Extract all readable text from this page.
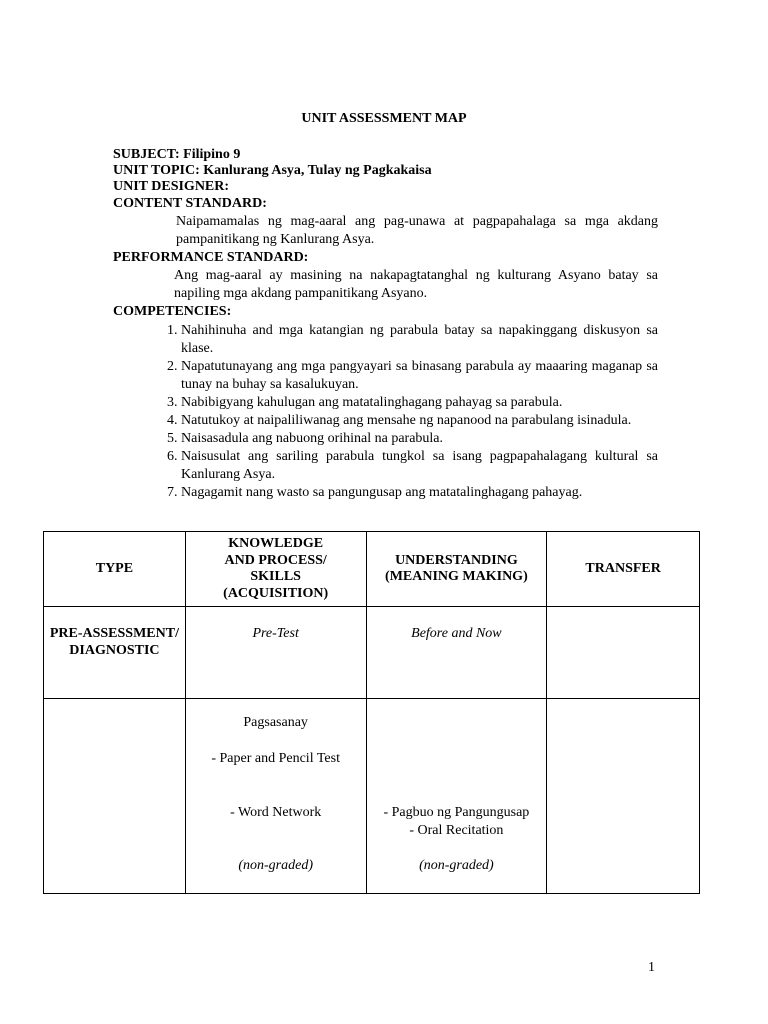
UNIT ASSESSMENT MAP
SUBJECT: Filipino 9
UNIT TOPIC: Kanlurang Asya, Tulay ng Pagkakaisa
UNIT DESIGNER:
CONTENT STANDARD:
Naipamamalas ng mag-aaral ang pag-unawa at pagpapahalaga sa mga akdang pampanitikang ng Kanlurang Asya.
PERFORMANCE STANDARD:
Ang mag-aaral ay masining na nakapagtatanghal ng kulturang Asyano batay sa napiling mga akdang pampanitikang Asyano.
COMPETENCIES:
1. Nahihinuha and mga katangian ng parabula batay sa napakinggang diskusyon sa klase.
2. Napatutunayang ang mga pangyayari sa binasang parabula ay maaaring maganap sa tunay na buhay sa kasalukuyan.
3. Nabibigyang kahulugan ang matatalinghagang pahayag sa parabula.
4. Natutukoy at naipaliliwanag ang mensahe ng napanood na parabulang isinadula.
5. Naisasadula ang nabuong orihinal na parabula.
6. Naisusulat ang sariling parabula tungkol sa isang pagpapahalagang kultural sa Kanlurang Asya.
7. Nagagamit nang wasto sa pangungusap ang matatalinghagang pahayag.
TYPE	KNOWLEDGE
AND PROCESS/
SKILLS
(ACQUISITION)	UNDERSTANDING
(MEANING MAKING)	TRANSFER
PRE-ASSESSMENT/
DIAGNOSTIC	Pre-Test	Before and Now	

	Pagsasanay
- Paper and Pencil Test
- Word Network
(non-graded)	- Pagbuo ng Pangungusap
- Oral Recitation
(non-graded)	

1
